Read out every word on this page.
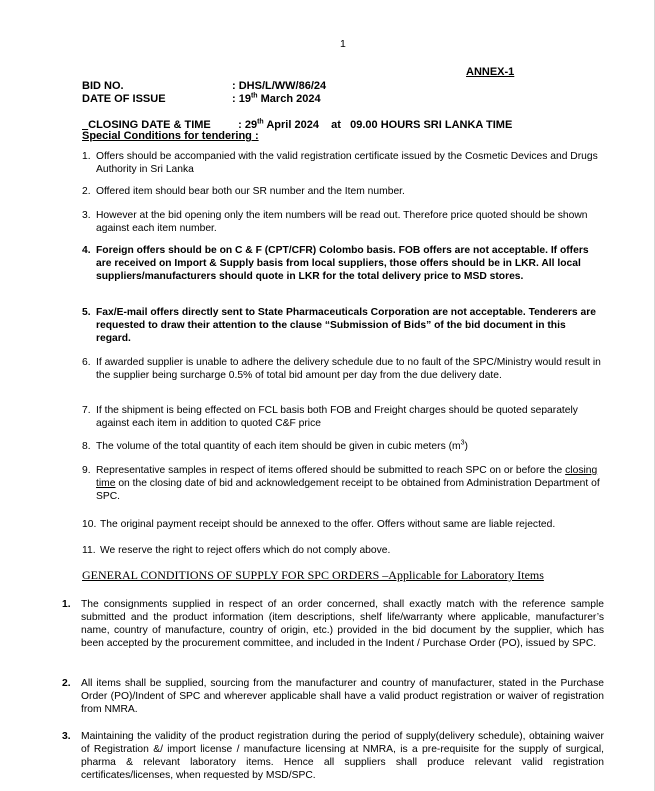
1
ANNEX-1
BID NO.	: DHS/L/WW/86/24
DATE OF ISSUE	: 19th March 2024

CLOSING DATE & TIME : 29th April 2024    at   09.00 HOURS SRI LANKA TIME

Special Conditions for tendering :
1. Offers should be accompanied with the valid registration certificate issued by the Cosmetic Devices and Drugs Authority in Sri Lanka
2. Offered item should bear both our SR number and the Item number.
3. However at the bid opening only the item numbers will be read out. Therefore price quoted should be shown against each item number.
4. Foreign offers should be on C & F (CPT/CFR) Colombo basis. FOB offers are not acceptable. If offers are received on Import & Supply basis from local suppliers, those offers should be in LKR. All local suppliers/manufacturers should quote in LKR for the total delivery price to MSD stores.
5. Fax/E-mail offers directly sent to State Pharmaceuticals Corporation are not acceptable. Tenderers are requested to draw their attention to the clause “Submission of Bids” of the bid document in this regard.
6. If awarded supplier is unable to adhere the delivery schedule due to no fault of the SPC/Ministry would result in the supplier being surcharge 0.5% of total bid amount per day from the due delivery date.
7. If the shipment is being effected on FCL basis both FOB and Freight charges should be quoted separately against each item in addition to quoted C&F price
8. The volume of the total quantity of each item should be given in cubic meters $(m^3)$
9. Representative samples in respect of items offered should be submitted to reach SPC on or before the closing time on the closing date of bid and acknowledgement receipt to be obtained from Administration Department of SPC.
10. The original payment receipt should be annexed to the offer. Offers without same are liable rejected.
11. We reserve the right to reject offers which do not comply above.
GENERAL CONDITIONS OF SUPPLY FOR SPC ORDERS –Applicable for Laboratory Items
1. The consignments supplied in respect of an order concerned, shall exactly match with the reference sample submitted and the product information (item descriptions, shelf life/warranty where applicable, manufacturer’s name, country of manufacture, country of origin, etc.) provided in the bid document by the supplier, which has been accepted by the procurement committee, and included in the Indent / Purchase Order (PO), issued by SPC.
2. All items shall be supplied, sourcing from the manufacturer and country of manufacturer, stated in the Purchase Order (PO)/Indent of SPC and wherever applicable shall have a valid product registration or waiver of registration from NMRA.
3. Maintaining the validity of the product registration during the period of supply(delivery schedule), obtaining waiver of Registration &/ import license / manufacture licensing at NMRA, is a pre-requisite for the supply of surgical, pharma & relevant laboratory items. Hence all suppliers shall produce relevant valid registration certificates/licenses, when requested by MSD/SPC.
